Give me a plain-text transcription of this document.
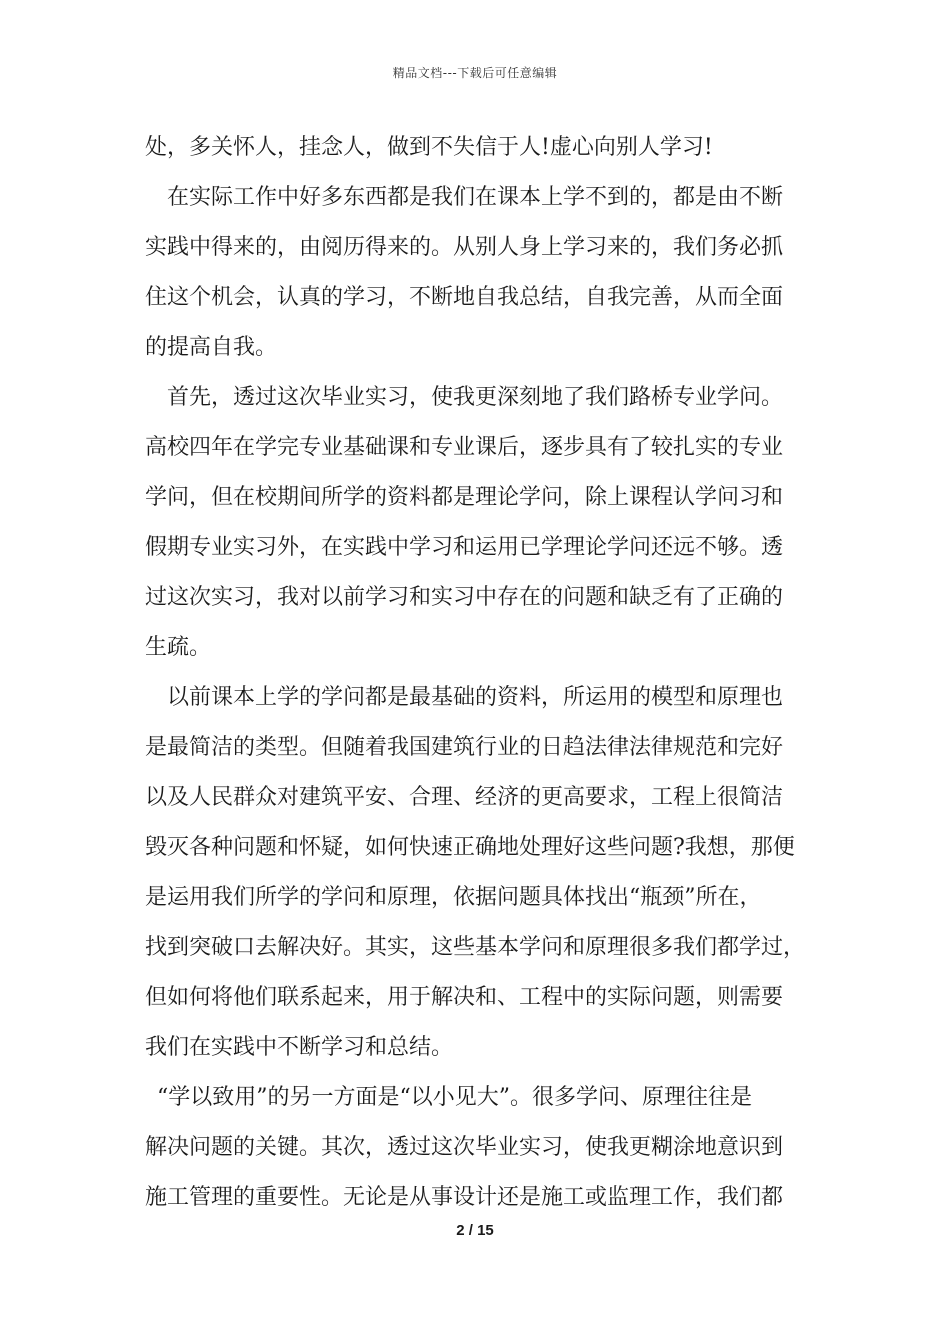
精品文档---下载后可任意编辑
处，多关怀人，挂念人，做到不失信于人!虚心向别人学习!
在实际工作中好多东西都是我们在课本上学不到的，都是由不断
实践中得来的，由阅历得来的。从别人身上学习来的，我们务必抓
住这个机会，认真的学习，不断地自我总结，自我完善，从而全面
的提高自我。
首先，透过这次毕业实习，使我更深刻地了我们路桥专业学问。
高校四年在学完专业基础课和专业课后，逐步具有了较扎实的专业
学问，但在校期间所学的资料都是理论学问，除上课程认学问习和
假期专业实习外，在实践中学习和运用已学理论学问还远不够。透
过这次实习，我对以前学习和实习中存在的问题和缺乏有了正确的
生疏。
以前课本上学的学问都是最基础的资料，所运用的模型和原理也
是最简洁的类型。但随着我国建筑行业的日趋法律法律规范和完好
以及人民群众对建筑平安、合理、经济的更高要求，工程上很简洁
毁灭各种问题和怀疑，如何快速正确地处理好这些问题?我想，那便
是运用我们所学的学问和原理，依据问题具体找出“瓶颈”所在，
找到突破口去解决好。其实，这些基本学问和原理很多我们都学过，
但如何将他们联系起来，用于解决和、工程中的实际问题，则需要
我们在实践中不断学习和总结。
“学以致用”的另一方面是“以小见大”。很多学问、原理往往是
解决问题的关键。其次，透过这次毕业实习，使我更糊涂地意识到
施工管理的重要性。无论是从事设计还是施工或监理工作，我们都
2 / 15
